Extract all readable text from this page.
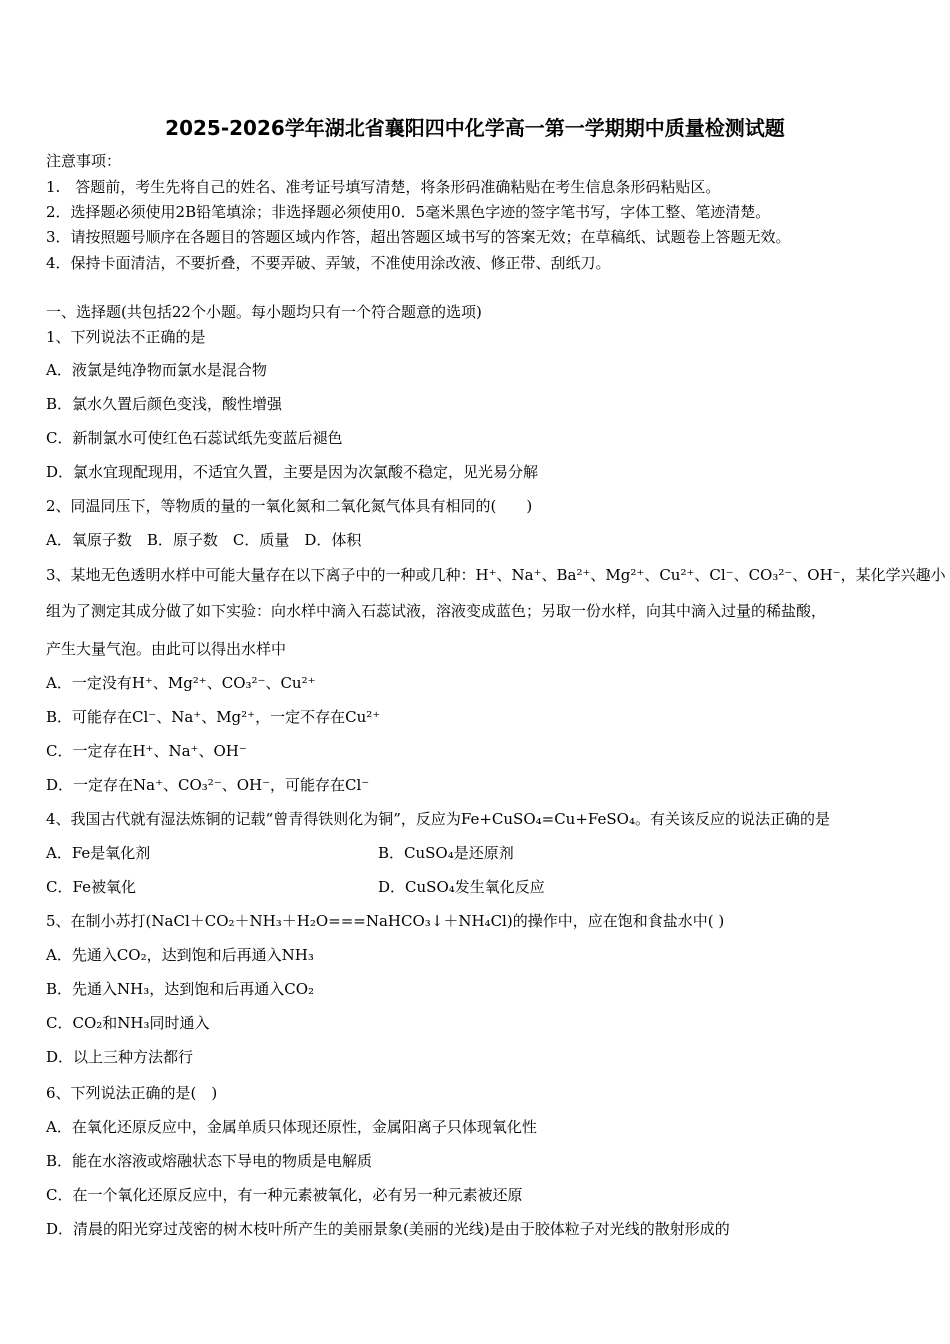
2025-2026学年湖北省襄阳四中化学高一第一学期期中质量检测试题
注意事项：
1.　答题前，考生先将自己的姓名、准考证号填写清楚，将条形码准确粘贴在考生信息条形码粘贴区。
2．选择题必须使用2B铅笔填涂；非选择题必须使用0．5毫米黑色字迹的签字笔书写，字体工整、笔迹清楚。
3．请按照题号顺序在各题目的答题区域内作答，超出答题区域书写的答案无效；在草稿纸、试题卷上答题无效。
4．保持卡面清洁，不要折叠，不要弄破、弄皱，不准使用涂改液、修正带、刮纸刀。
一、选择题(共包括22个小题。每小题均只有一个符合题意的选项)
1、下列说法不正确的是
A．液氯是纯净物而氯水是混合物
B．氯水久置后颜色变浅，酸性增强
C．新制氯水可使红色石蕊试纸先变蓝后褪色
D．氯水宜现配现用，不适宜久置，主要是因为次氯酸不稳定，见光易分解
2、同温同压下，等物质的量的一氧化氮和二氧化氮气体具有相同的(　　)
A．氧原子数　B．原子数　C．质量　D．体积
3、某地无色透明水样中可能大量存在以下离子中的一种或几种：H⁺、Na⁺、Ba²⁺、Mg²⁺、Cu²⁺、Cl⁻、CO₃²⁻、OH⁻，某化学兴趣小
组为了测定其成分做了如下实验：向水样中滴入石蕊试液，溶液变成蓝色；另取一份水样，向其中滴入过量的稀盐酸，
产生大量气泡。由此可以得出水样中
A．一定没有H⁺、Mg²⁺、CO₃²⁻、Cu²⁺
B．可能存在Cl⁻、Na⁺、Mg²⁺，一定不存在Cu²⁺
C．一定存在H⁺、Na⁺、OH⁻
D．一定存在Na⁺、CO₃²⁻、OH⁻，可能存在Cl⁻
4、我国古代就有湿法炼铜的记载“曾青得铁则化为铜”，反应为Fe+CuSO₄=Cu+FeSO₄。有关该反应的说法正确的是
A．Fe是氧化剂	B．CuSO₄是还原剂
C．Fe被氧化	D．CuSO₄发生氧化反应
5、在制小苏打(NaCl＋CO₂＋NH₃＋H₂O===NaHCO₃↓＋NH₄Cl)的操作中，应在饱和食盐水中( )
A．先通入CO₂，达到饱和后再通入NH₃
B．先通入NH₃，达到饱和后再通入CO₂
C．CO₂和NH₃同时通入
D．以上三种方法都行
6、下列说法正确的是(　)
A．在氧化还原反应中，金属单质只体现还原性，金属阳离子只体现氧化性
B．能在水溶液或熔融状态下导电的物质是电解质
C．在一个氧化还原反应中，有一种元素被氧化，必有另一种元素被还原
D．清晨的阳光穿过茂密的树木枝叶所产生的美丽景象(美丽的光线)是由于胶体粒子对光线的散射形成的
